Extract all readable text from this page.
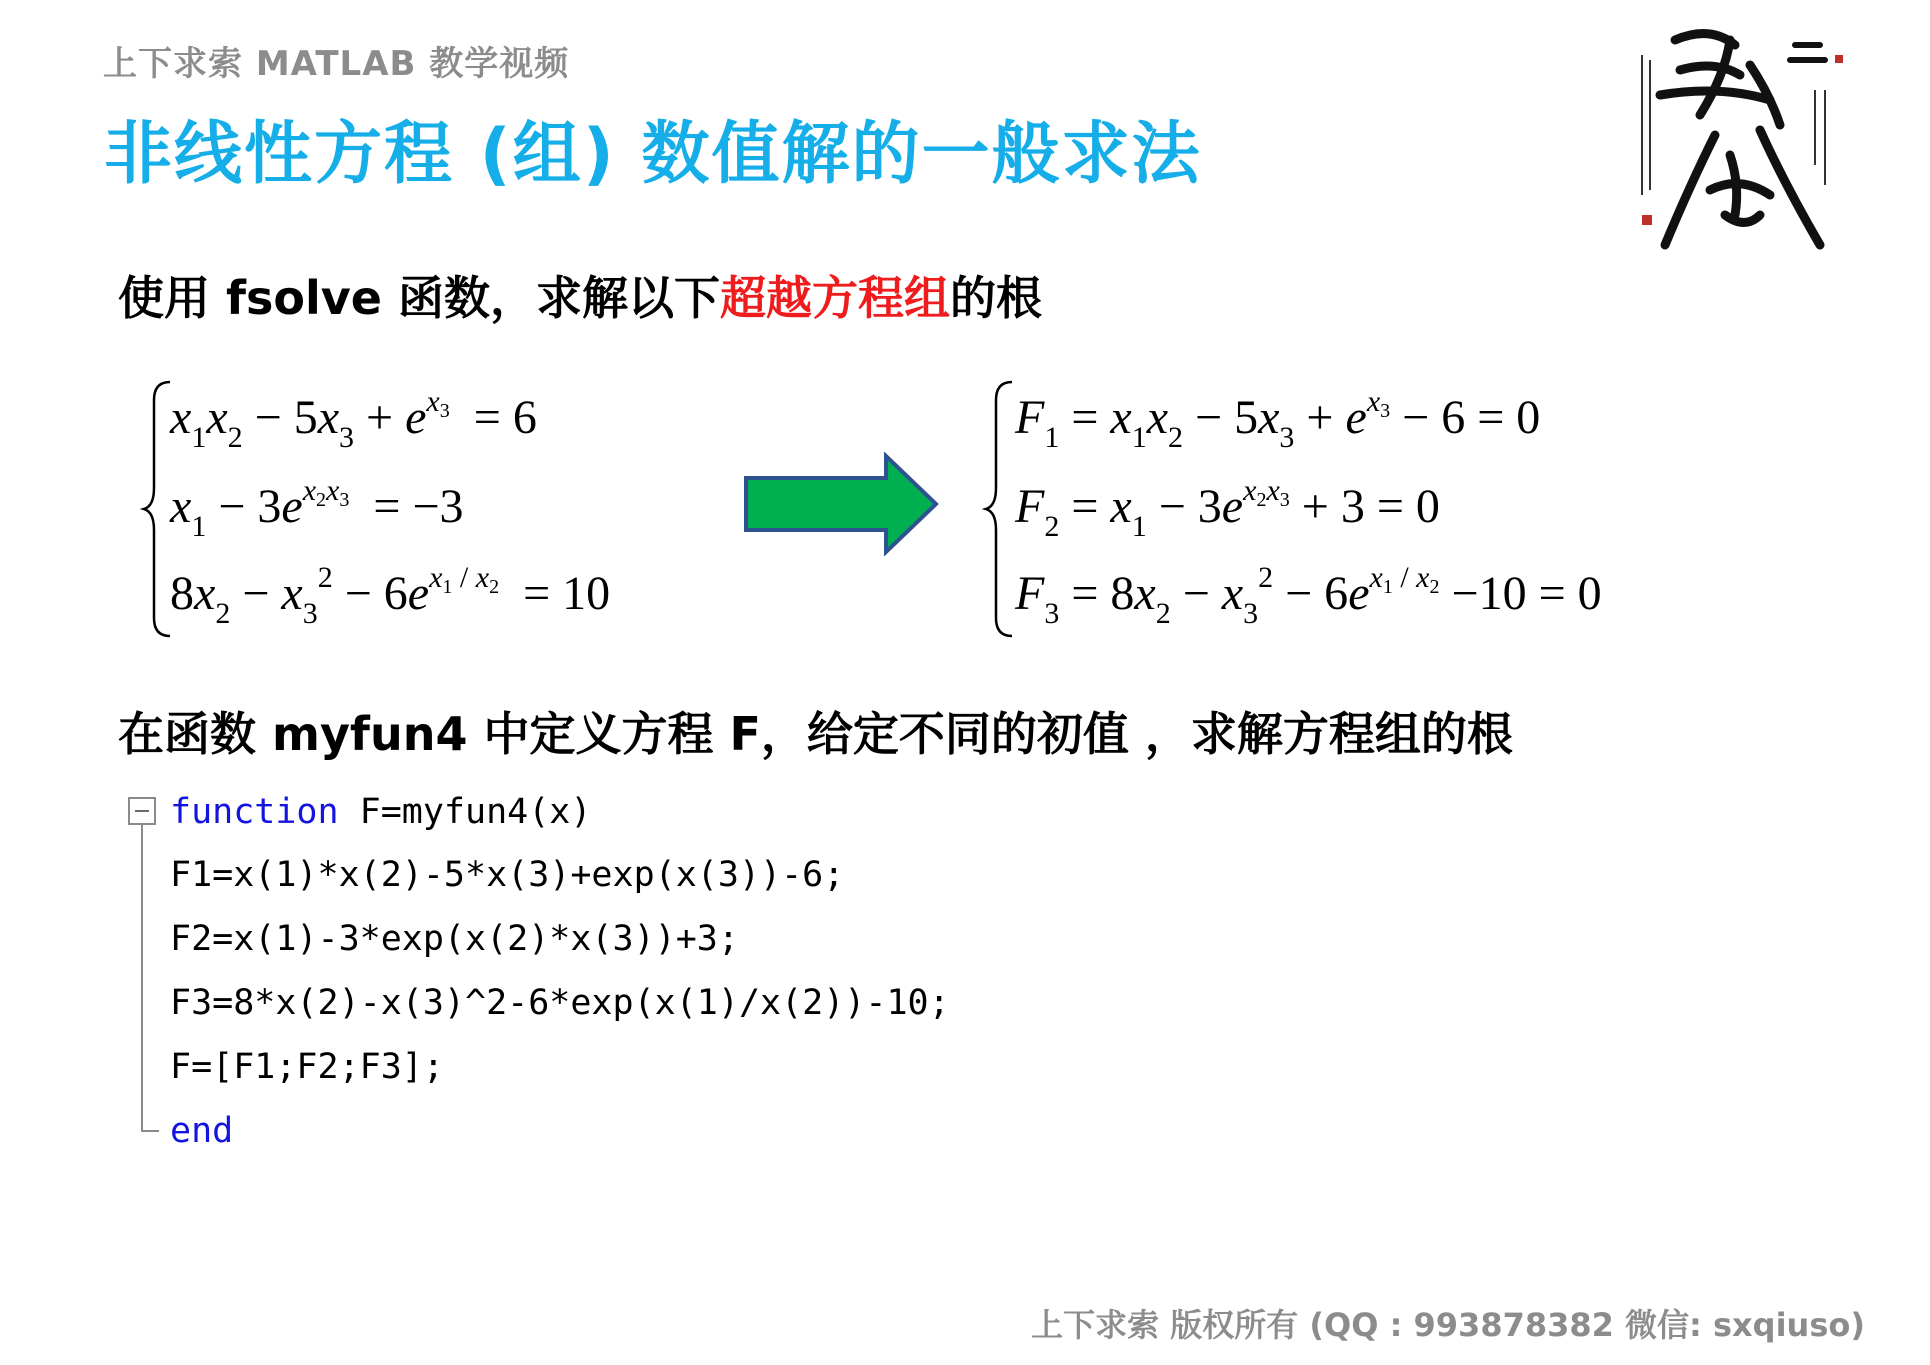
上下求索 MATLAB 教学视频
非线性方程 (组) 数值解的一般求法
使用 fsolve 函数，求解以下超越方程组的根
$x_1x_2 - 5x_3 + e^{x_3} = 6$
$x_1 - 3e^{x_2x_3} = -3$
$8x_2 - x_3^2 - 6e^{x_1 / x_2} = 10$
$F_1 = x_1x_2 - 5x_3 + e^{x_3} - 6 = 0$
$F_2 = x_1 - 3e^{x_2x_3} + 3 = 0$
$F_3 = 8x_2 - x_3^2 - 6e^{x_1 / x_2} -10 = 0$
在函数 myfun4 中定义方程 F，给定不同的初值 ，求解方程组的根
function F=myfun4(x)
F1=x(1)*x(2)-5*x(3)+exp(x(3))-6;
F2=x(1)-3*exp(x(2)*x(3))+3;
F3=8*x(2)-x(3)^2-6*exp(x(1)/x(2))-10;
F=[F1;F2;F3];
end
上下求索 版权所有 (QQ : 993878382 微信: sxqiuso)
